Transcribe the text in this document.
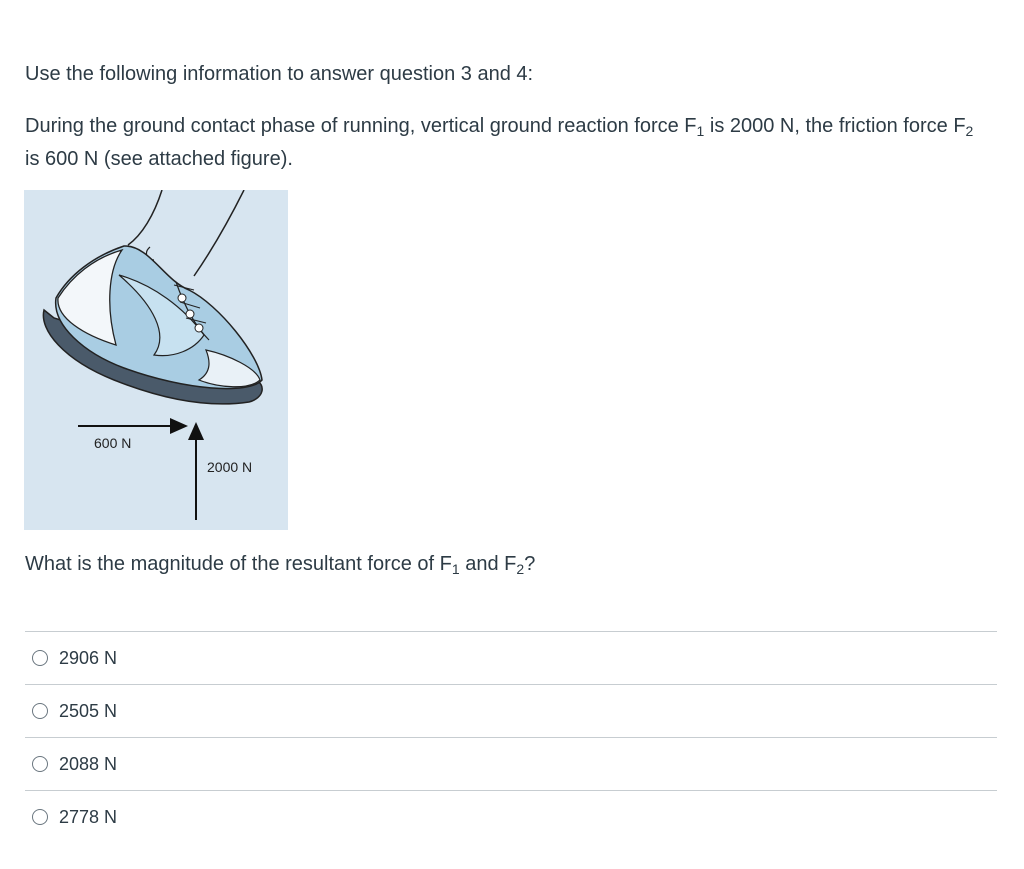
Use the following information to answer question 3 and 4:
During the ground contact phase of running, vertical ground reaction force $F_1$ is 2000 N, the friction force $F_2$ is 600 N (see attached figure).
600 N
2000 N
What is the magnitude of the resultant force of $F_1$ and $F_2$?
2906 N
2505 N
2088 N
2778 N
